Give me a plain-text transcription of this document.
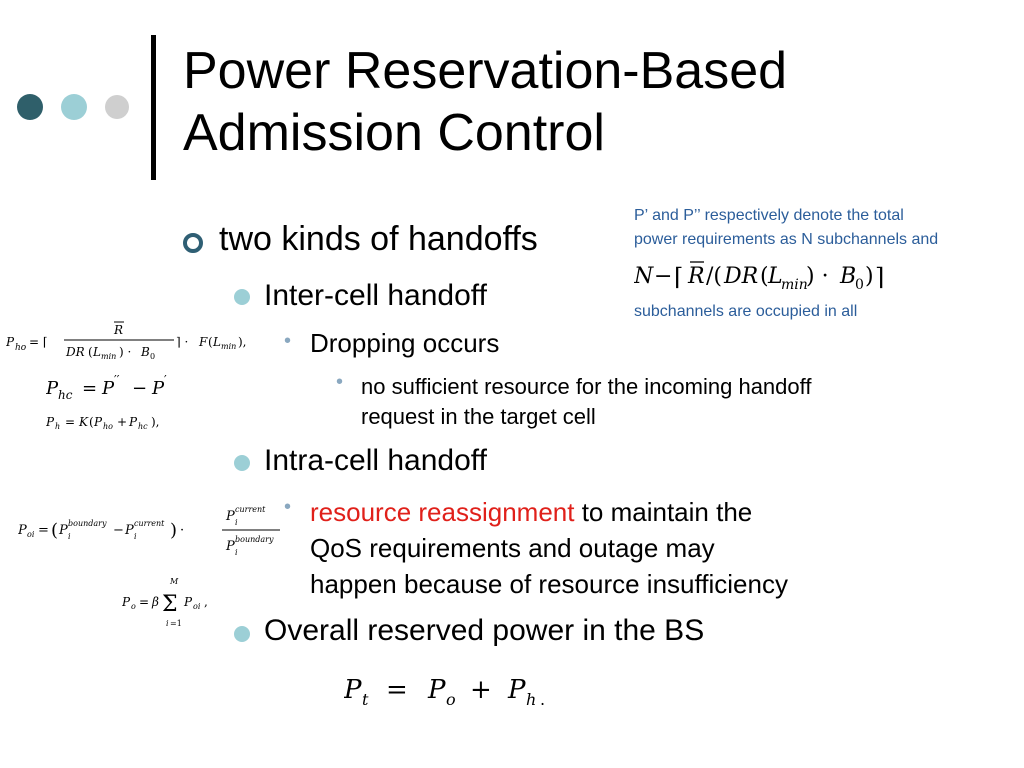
Power Reservation-Based
Admission Control
P’ and P’’ respectively denote the total
power requirements as N subchannels and
N − ⌈ R /( DR ( L
min
) · B
0 ) ⌉
subchannels are occupied in all
two kinds of handoffs
Inter-cell handoff
• Dropping occurs
• no sufficient resource for the incoming handoff
request in the target cell
Intra-cell handoff
• resource reassignment to maintain the
QoS requirements and outage may
happen because of resource insufficiency
Overall reserved power in the BS
P ho = ⌈
R
DR ( L min ) · B 0
⌉ · F ( L min ),
P hc = P ′′ − P ′
P h = K ( P ho + P hc ),
P oi = ( P boundary
i	− P current
i ) ·
P current
i
P boundary
i
P o = β
M
Σ
i =1
P oi ,
P t = P o + P h .
